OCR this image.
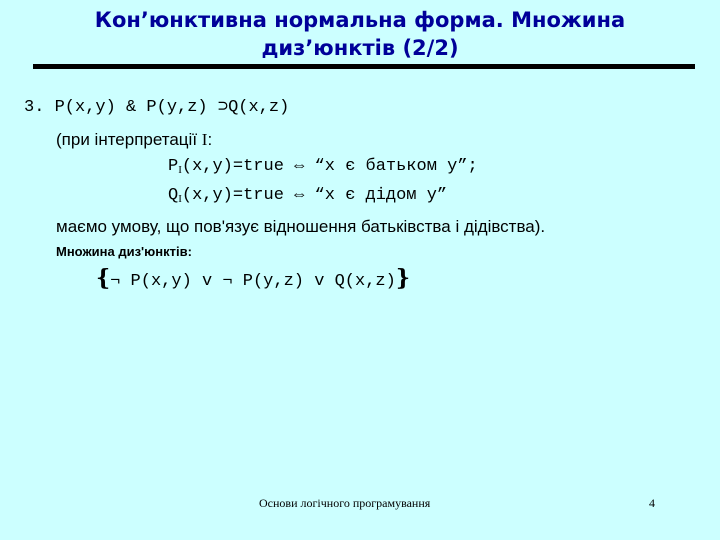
Кон’юнктивна нормальна форма. Множина
диз’юнктів (2/2)
3. P(x,y) & P(y,z) ⊃Q(x,z)
(при інтерпретації I:
$P_I(x,y)=true$ ⇔ “x є батьком y”;
$Q_I(x,y)=true$ ⇔ “x є дідом y”
маємо умову, що пов'язує відношення батьківства і дідівства).
Множина диз'юнктів:
{¬ P(x,y) v ¬ P(y,z) v Q(x,z)}
Основи логічного програмування	4
